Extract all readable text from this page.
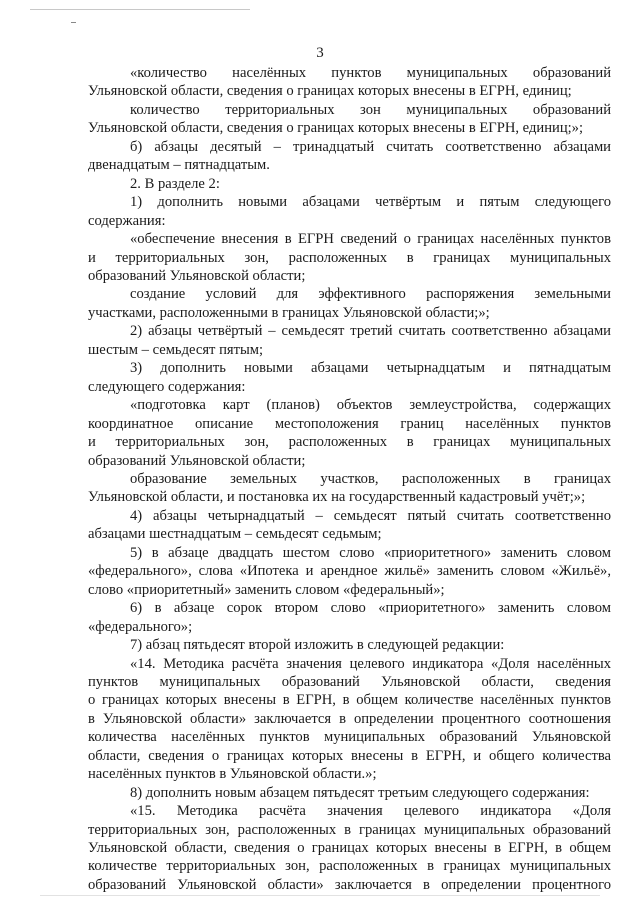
3

«количество населённых пунктов муниципальных образований

Ульяновской области, сведения о границах которых внесены в ЕГРН, единиц;

количество территориальных зон муниципальных образований

Ульяновской области, сведения о границах которых внесены в ЕГРН, единиц;»;

б) абзацы десятый – тринадцатый считать соответственно абзацами

двенадцатым – пятнадцатым.

2. В разделе 2:

1) дополнить новыми абзацами четвёртым и пятым следующего

содержания:

«обеспечение внесения в ЕГРН сведений о границах населённых пунктов

и территориальных зон, расположенных в границах муниципальных

образований Ульяновской области;

создание условий для эффективного распоряжения земельными

участками, расположенными в границах Ульяновской области;»;

2) абзацы четвёртый – семьдесят третий считать соответственно абзацами

шестым – семьдесят пятым;

3) дополнить новыми абзацами четырнадцатым и пятнадцатым

следующего содержания:

«подготовка карт (планов) объектов землеустройства, содержащих

координатное описание местоположения границ населённых пунктов

и территориальных зон, расположенных в границах муниципальных

образований Ульяновской области;

образование земельных участков, расположенных в границах

Ульяновской области, и постановка их на государственный кадастровый учёт;»;

4) абзацы четырнадцатый – семьдесят пятый считать соответственно

абзацами шестнадцатым – семьдесят седьмым;

5) в абзаце двадцать шестом слово «приоритетного» заменить словом

«федерального», слова «Ипотека и арендное жильё» заменить словом «Жильё»,

слово «приоритетный» заменить словом «федеральный»;

6) в абзаце сорок втором слово «приоритетного» заменить словом

«федерального»;

7) абзац пятьдесят второй изложить в следующей редакции:

«14. Методика расчёта значения целевого индикатора «Доля населённых

пунктов муниципальных образований Ульяновской области, сведения

о границах которых внесены в ЕГРН, в общем количестве населённых пунктов

в Ульяновской области» заключается в определении процентного соотношения

количества населённых пунктов муниципальных образований Ульяновской

области, сведения о границах которых внесены в ЕГРН, и общего количества

населённых пунктов в Ульяновской области.»;

8) дополнить новым абзацем пятьдесят третьим следующего содержания:

«15. Методика расчёта значения целевого индикатора «Доля

территориальных зон, расположенных в границах муниципальных образований

Ульяновской области, сведения о границах которых внесены в ЕГРН, в общем

количестве территориальных зон, расположенных в границах муниципальных

образований Ульяновской области» заключается в определении процентного
